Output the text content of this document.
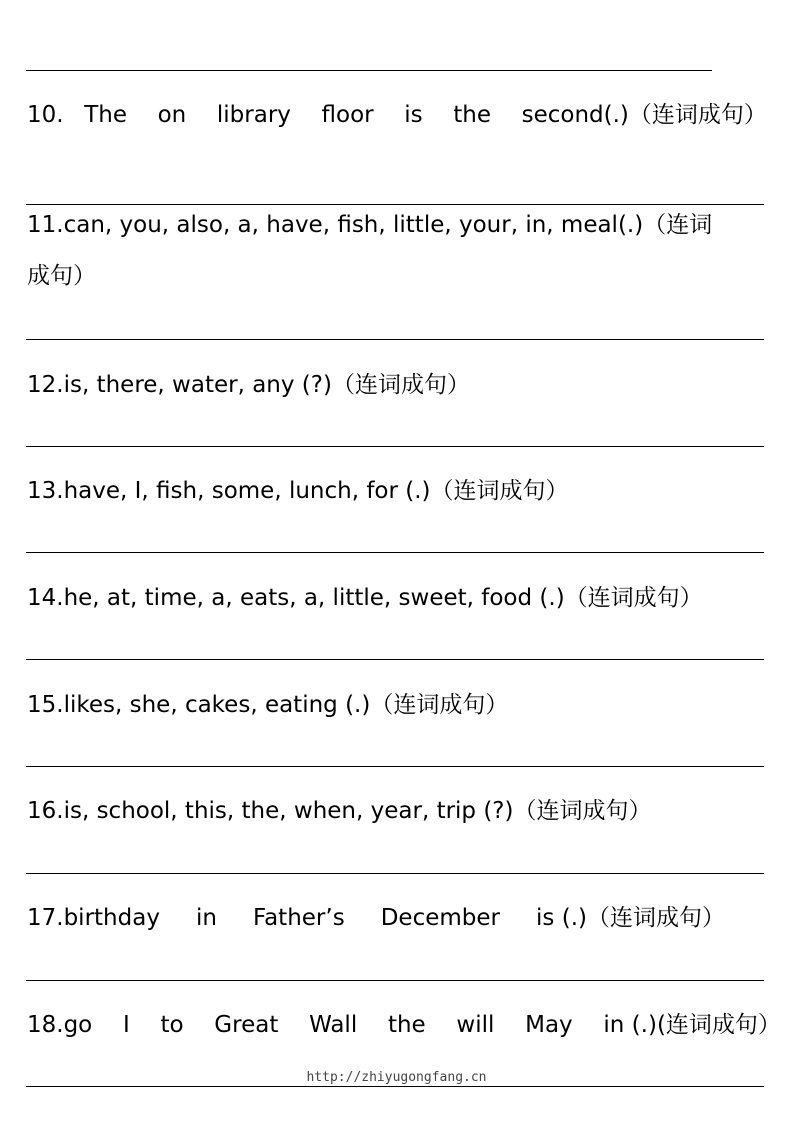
10. The on library floor is the second(.)（连词成句）
11.can, you, also, a, have, fish, little, your, in, meal(.)（连词
成句）
12.is, there, water, any (?)（连词成句）
13.have, I, fish, some, lunch, for (.)（连词成句）
14.he, at, time, a, eats, a, little, sweet, food (.)（连词成句）
15.likes, she, cakes, eating (.)（连词成句）
16.is, school, this, the, when, year, trip (?)（连词成句）
17.birthday in Father’s December is (.)（连词成句）
18.go I to Great Wall the will May in (.)(连词成句）
http://zhiyugongfang.cn
